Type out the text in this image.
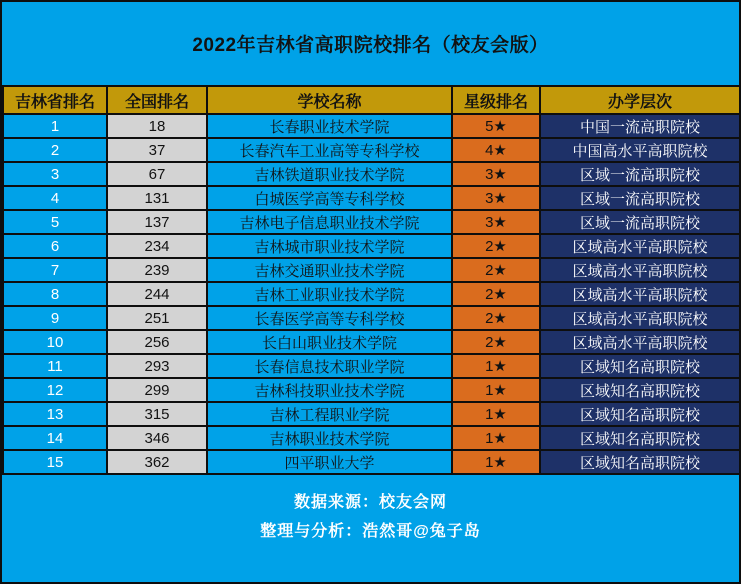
2022年吉林省高职院校排名（校友会版）
吉林省排名	全国排名	学校名称	星级排名	办学层次
1	18	长春职业技术学院	5★	中国一流高职院校
2	37	长春汽车工业高等专科学校	4★	中国高水平高职院校
3	67	吉林铁道职业技术学院	3★	区域一流高职院校
4	131	白城医学高等专科学校	3★	区域一流高职院校
5	137	吉林电子信息职业技术学院	3★	区域一流高职院校
6	234	吉林城市职业技术学院	2★	区域高水平高职院校
7	239	吉林交通职业技术学院	2★	区域高水平高职院校
8	244	吉林工业职业技术学院	2★	区域高水平高职院校
9	251	长春医学高等专科学校	2★	区域高水平高职院校
10	256	长白山职业技术学院	2★	区域高水平高职院校
11	293	长春信息技术职业学院	1★	区域知名高职院校
12	299	吉林科技职业技术学院	1★	区域知名高职院校
13	315	吉林工程职业学院	1★	区域知名高职院校
14	346	吉林职业技术学院	1★	区域知名高职院校
15	362	四平职业大学	1★	区域知名高职院校
数据来源：校友会网
整理与分析：浩然哥@兔子岛
